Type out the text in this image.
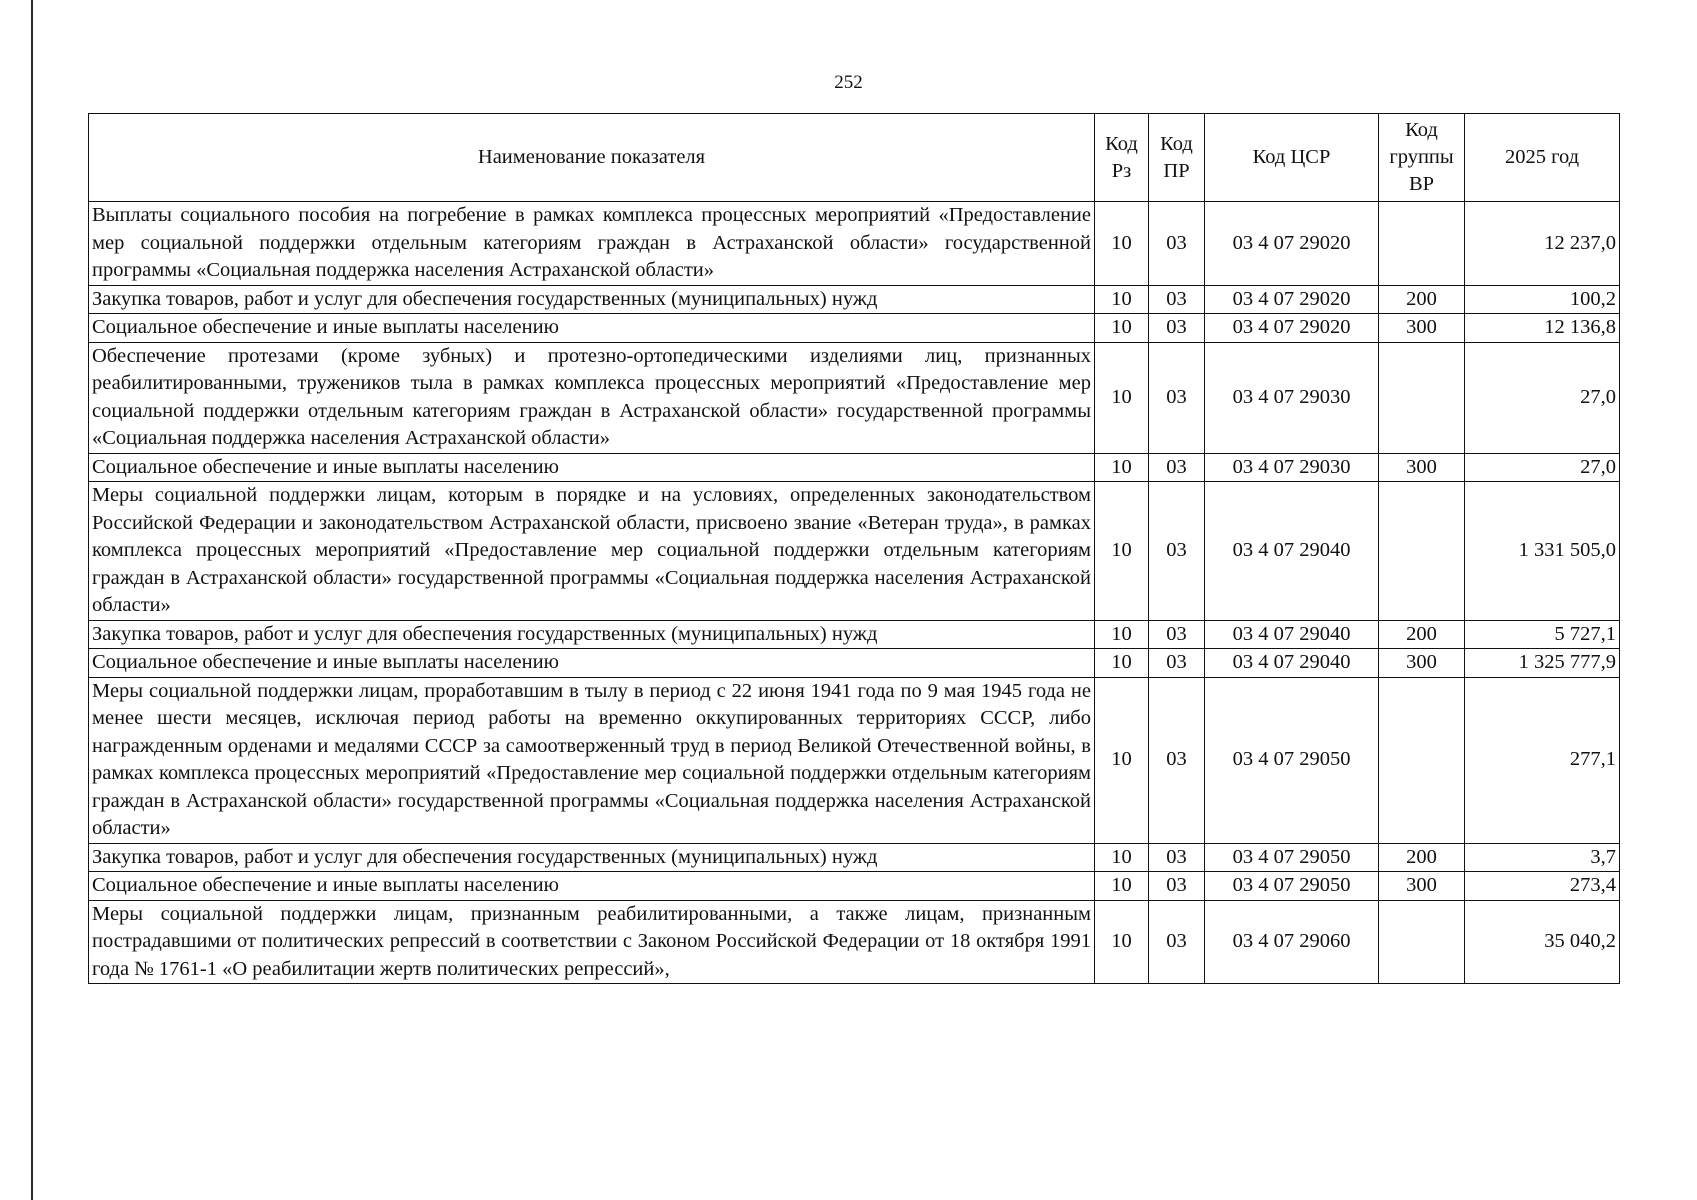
252
Наименование показателя	Код Рз	Код ПР	Код ЦСР	Код группы ВР	2025 год
Выплаты социального пособия на погребение в рамках комплекса процессных мероприятий «Предоставление мер социальной поддержки отдельным категориям граждан в Астраханской области» государственной программы «Социальная поддержка населения Астраханской области»	10	03	03 4 07 29020		12 237,0
Закупка товаров, работ и услуг для обеспечения государственных (муниципальных) нужд	10	03	03 4 07 29020	200	100,2
Социальное обеспечение и иные выплаты населению	10	03	03 4 07 29020	300	12 136,8
Обеспечение протезами (кроме зубных) и протезно-ортопедическими изделиями лиц, признанных реабилитированными, тружеников тыла в рамках комплекса процессных мероприятий «Предоставление мер социальной поддержки отдельным категориям граждан в Астраханской области» государственной программы «Социальная поддержка населения Астраханской области»	10	03	03 4 07 29030		27,0
Социальное обеспечение и иные выплаты населению	10	03	03 4 07 29030	300	27,0
Меры социальной поддержки лицам, которым в порядке и на условиях, определенных законодательством Российской Федерации и законодательством Астраханской области, присвоено звание «Ветеран труда», в рамках комплекса процессных мероприятий «Предоставление мер социальной поддержки отдельным категориям граждан в Астраханской области» государственной программы «Социальная поддержка населения Астраханской области»	10	03	03 4 07 29040		1 331 505,0
Закупка товаров, работ и услуг для обеспечения государственных (муниципальных) нужд	10	03	03 4 07 29040	200	5 727,1
Социальное обеспечение и иные выплаты населению	10	03	03 4 07 29040	300	1 325 777,9
Меры социальной поддержки лицам, проработавшим в тылу в период с 22 июня 1941 года по 9 мая 1945 года не менее шести месяцев, исключая период работы на временно оккупированных территориях СССР, либо награжденным орденами и медалями СССР за самоотверженный труд в период Великой Отечественной войны, в рамках комплекса процессных мероприятий «Предоставление мер социальной поддержки отдельным категориям граждан в Астраханской области» государственной программы «Социальная поддержка населения Астраханской области»	10	03	03 4 07 29050		277,1
Закупка товаров, работ и услуг для обеспечения государственных (муниципальных) нужд	10	03	03 4 07 29050	200	3,7
Социальное обеспечение и иные выплаты населению	10	03	03 4 07 29050	300	273,4
Меры социальной поддержки лицам, признанным реабилитированными, а также лицам, признанным пострадавшими от политических репрессий в соответствии с Законом Российской Федерации от 18 октября 1991 года № 1761-1 «О реабилитации жертв политических репрессий»,	10	03	03 4 07 29060		35 040,2
